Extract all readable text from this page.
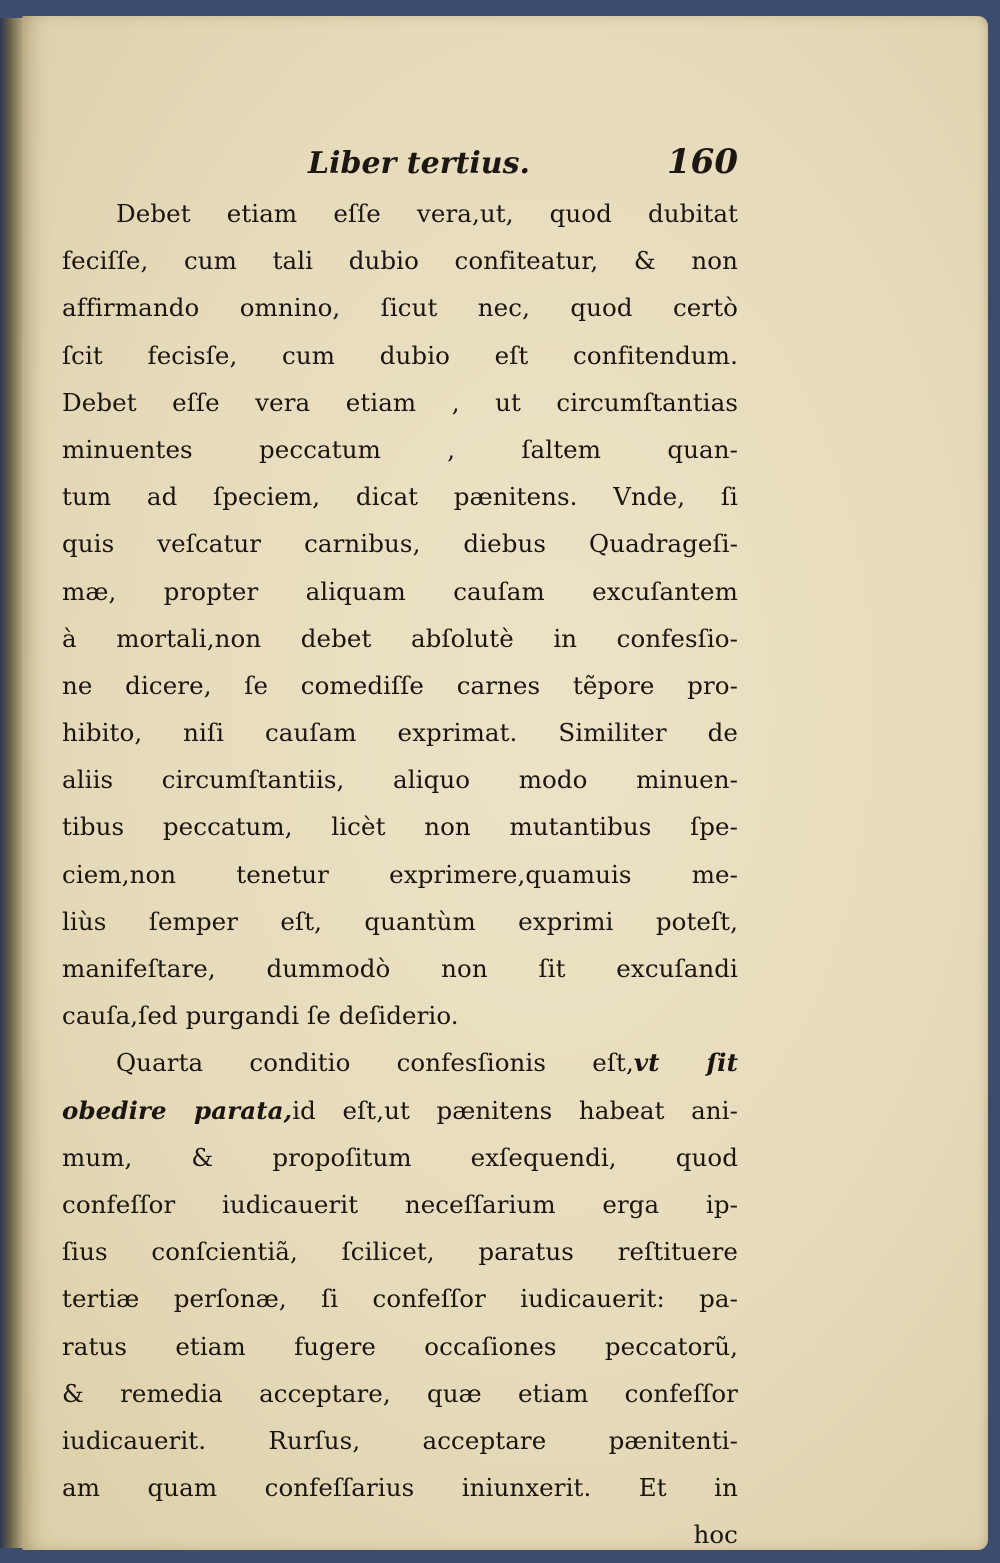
Liber tertius.	160
Debet etiam eſſe vera,ut, quod dubitat
feciſſe, cum tali dubio confiteatur, & non
affirmando omnino, ſicut nec, quod certò
ſcit fecisſe, cum dubio eſt confitendum.
Debet eſſe vera etiam , ut circumſtantias
minuentes peccatum , ſaltem quan-
tum ad ſpeciem, dicat pænitens. Vnde, ſi
quis veſcatur carnibus, diebus Quadrageſi-
mæ, propter aliquam cauſam excuſantem
à mortali,non debet abſolutè in confesſio-
ne dicere, ſe comediſſe carnes tẽpore pro-
hibito, niſi cauſam exprimat. Similiter de
aliis circumſtantiis, aliquo modo minuen-
tibus peccatum, licèt non mutantibus ſpe-
ciem,non tenetur exprimere,quamuis me-
liùs ſemper eſt, quantùm exprimi poteſt,
manifeſtare, dummodò non ſit excuſandi
cauſa,ſed purgandi ſe deſiderio.
Quarta conditio confesſionis eſt,vt ſit
obedire parata,id eſt,ut pænitens habeat ani-
mum, & propoſitum exſequendi, quod
confeſſor iudicauerit neceſſarium erga ip-
ſius conſcientiã, ſcilicet, paratus reſtituere
tertiæ perſonæ, ſi confeſſor iudicauerit: pa-
ratus etiam fugere occaſiones peccatorũ,
& remedia acceptare, quæ etiam confeſſor
iudicauerit. Rurſus, acceptare pænitenti-
am quam confeſſarius iniunxerit. Et in
hoc
